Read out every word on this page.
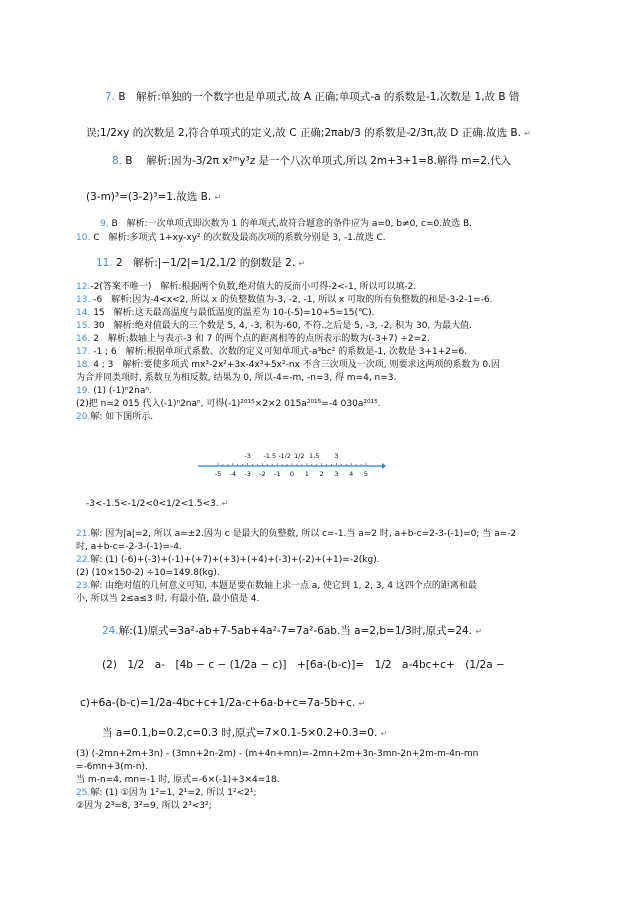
7. B　解析:单独的一个数字也是单项式,故 A 正确;单项式-a 的系数是-1,次数是 1,故 B 错
误;1/2xy 的次数是 2,符合单项式的定义,故 C 正确;2πab/3 的系数是-2/3π,故 D 正确.故选 B. ↵
8. B　 解析:因为-3/2π x²ᵐy³z 是一个八次单项式,所以 2m+3+1=8.解得 m=2.代入
(3-m)³=(3-2)³=1.故选 B. ↵
9. B　解析:一次单项式即次数为 1 的单项式,故符合题意的条件应为 a=0, b≠0, c=0.故选 B.
10. C　解析:多项式 1+xy-xy² 的次数及最高次项的系数分别是 3, -1.故选 C.
11. 2　解析:|−1/2|=1/2,1/2 的倒数是 2. ↵
12.-2(答案不唯一)　解析:根据两个负数,绝对值大的反而小可得-2<-1, 所以可以填-2.
13. -6　解析:因为-4<x<2, 所以 x 的负整数值为-3, -2, -1, 所以 x 可取的所有负整数的和是-3-2-1=-6.
14. 15　解析:这天最高温度与最低温度的温差为 10-(-5)=10+5=15(℃).
15. 30　解析:绝对值最大的三个数是 5, 4, -3, 积为-60, 不符.之后是 5, -3, -2, 积为 30, 为最大值.
16. 2　解析:数轴上与表示-3 和 7 的两个点的距离相等的点所表示的数为(-3+7) ÷2=2.
17. -1 ; 6　解析:根据单项式系数、次数的定义可知单项式-a³bc² 的系数是-1, 次数是 3+1+2=6.
18. 4 ; 3　解析:要使多项式 mx³-2x²+3x-4x³+5x²-nx 不含三次项及一次项, 则要求这两项的系数为 0.因
为合并同类项时, 系数互为相反数, 结果为 0, 所以-4=-m, -n=3, 得 m=4, n=3.
19. (1) (-1)ⁿ2naⁿ.
(2)把 n=2 015 代入(-1)ⁿ2naⁿ, 可得(-1)²⁰¹⁵×2×2 015a²⁰¹⁵=-4 030a²⁰¹⁵.
20.解: 如下图所示.
-5 -4 -3 -2 -1 0 1 2 3 4 5
-3 -1.5 -1/2 1/2 1.5 3
-3<-1.5<-1/2<0<1/2<1.5<3. ↵
21.解: 因为|a|=2, 所以 a=±2.因为 c 是最大的负整数, 所以 c=-1.当 a=2 时, a+b-c=2-3-(-1)=0; 当 a=-2
时, a+b-c=-2-3-(-1)=-4.
22.解: (1) (-6)+(-3)+(-1)+(+7)+(+3)+(+4)+(-3)+(-2)+(+1)=-2(kg).
(2) (10×150-2) ÷10=149.8(kg).
23.解: 由绝对值的几何意义可知, 本题是要在数轴上求一点 a, 使它到 1, 2, 3, 4 这四个点的距离和最
小, 所以当 2≤a≤3 时, 有最小值, 最小值是 4.
24.解:(1)原式=3a²-ab+7-5ab+4a²-7=7a²-6ab.当 a=2,b=1/3时,原式=24. ↵
(2)　1/2　a-　[4b − c − (1/2a − c)]　+[6a-(b-c)]=　1/2　a-4bc+c+　(1/2a −
c)+6a-(b-c)=1/2a-4bc+c+1/2a-c+6a-b+c=7a-5b+c. ↵
当 a=0.1,b=0.2,c=0.3 时,原式=7×0.1-5×0.2+0.3=0. ↵
(3) (-2mn+2m+3n) - (3mn+2n-2m) - (m+4n+mn)=-2mn+2m+3n-3mn-2n+2m-m-4n-mn
=-6mn+3(m-n).
当 m-n=4, mn=-1 时, 原式=-6×(-1)+3×4=18.
25.解: (1) ①因为 1²=1, 2¹=2, 所以 1²<2¹;
②因为 2³=8, 3²=9, 所以 2³<3²;
